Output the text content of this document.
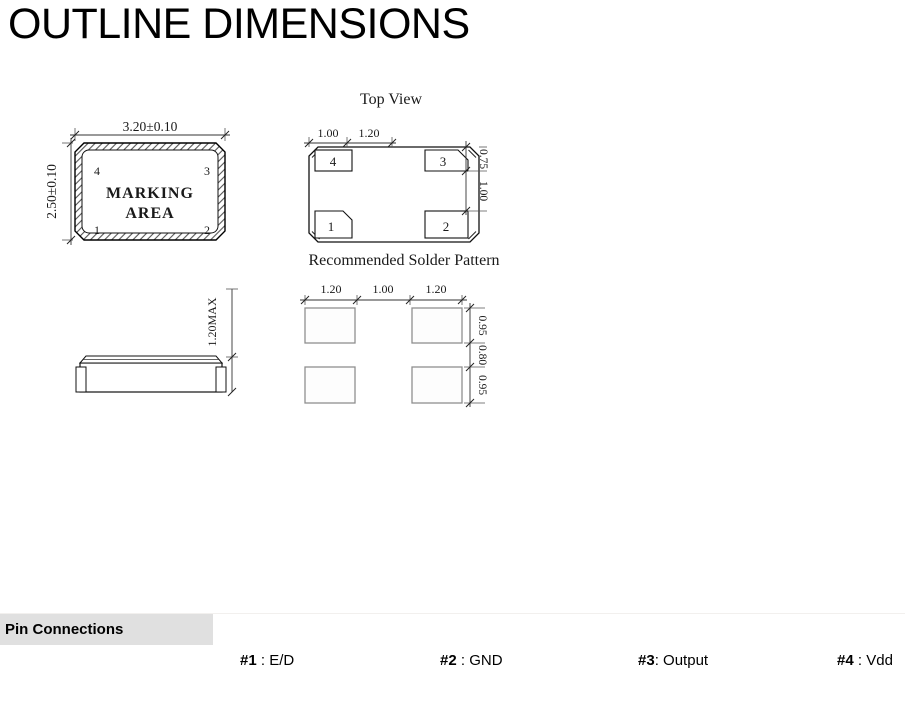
OUTLINE DIMENSIONS
4	3
1	2
MARKING
AREA
3.20±0.10
2.50±0.10
Top View
4	3
1	2
1.00 1.20
0.75
1.00
Recommended Solder Pattern
1.20	1.00	1.20
0.95
0.80
0.95
1.20MAX
Pin Connections

#1 : E/D
	#2 : GND
	#3: Output
	#4 : Vdd
